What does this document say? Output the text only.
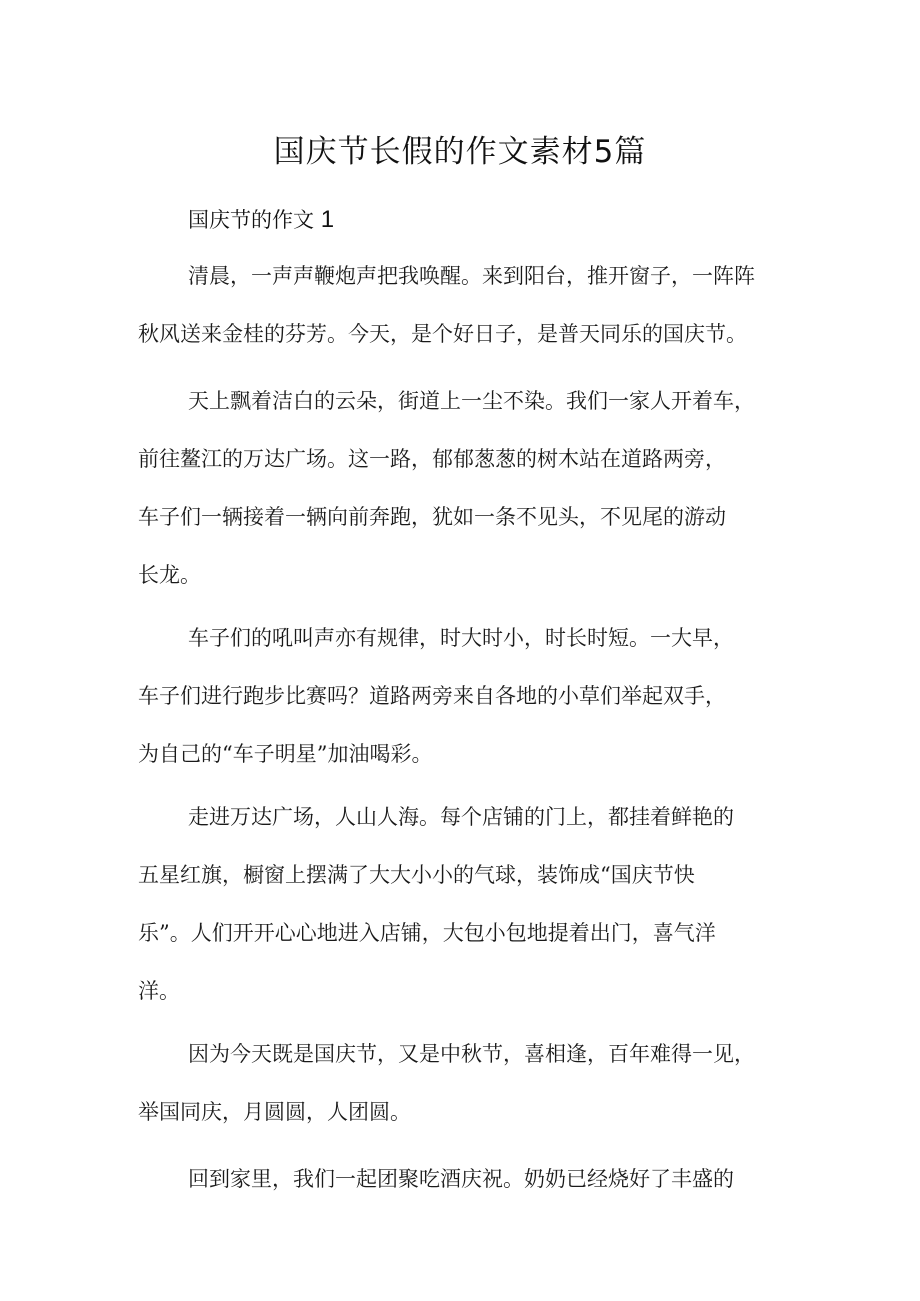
国庆节长假的作文素材5篇
国庆节的作文 1
清晨，一声声鞭炮声把我唤醒。来到阳台，推开窗子，一阵阵
秋风送来金桂的芬芳。今天，是个好日子，是普天同乐的国庆节。
天上飘着洁白的云朵，街道上一尘不染。我们一家人开着车，
前往鳌江的万达广场。这一路，郁郁葱葱的树木站在道路两旁，
车子们一辆接着一辆向前奔跑，犹如一条不见头，不见尾的游动
长龙。
车子们的吼叫声亦有规律，时大时小，时长时短。一大早，
车子们进行跑步比赛吗？道路两旁来自各地的小草们举起双手，
为自己的“车子明星”加油喝彩。
走进万达广场，人山人海。每个店铺的门上，都挂着鲜艳的
五星红旗，橱窗上摆满了大大小小的气球，装饰成“国庆节快
乐”。人们开开心心地进入店铺，大包小包地提着出门，喜气洋
洋。
因为今天既是国庆节，又是中秋节，喜相逢，百年难得一见，
举国同庆，月圆圆，人团圆。
回到家里，我们一起团聚吃酒庆祝。奶奶已经烧好了丰盛的
